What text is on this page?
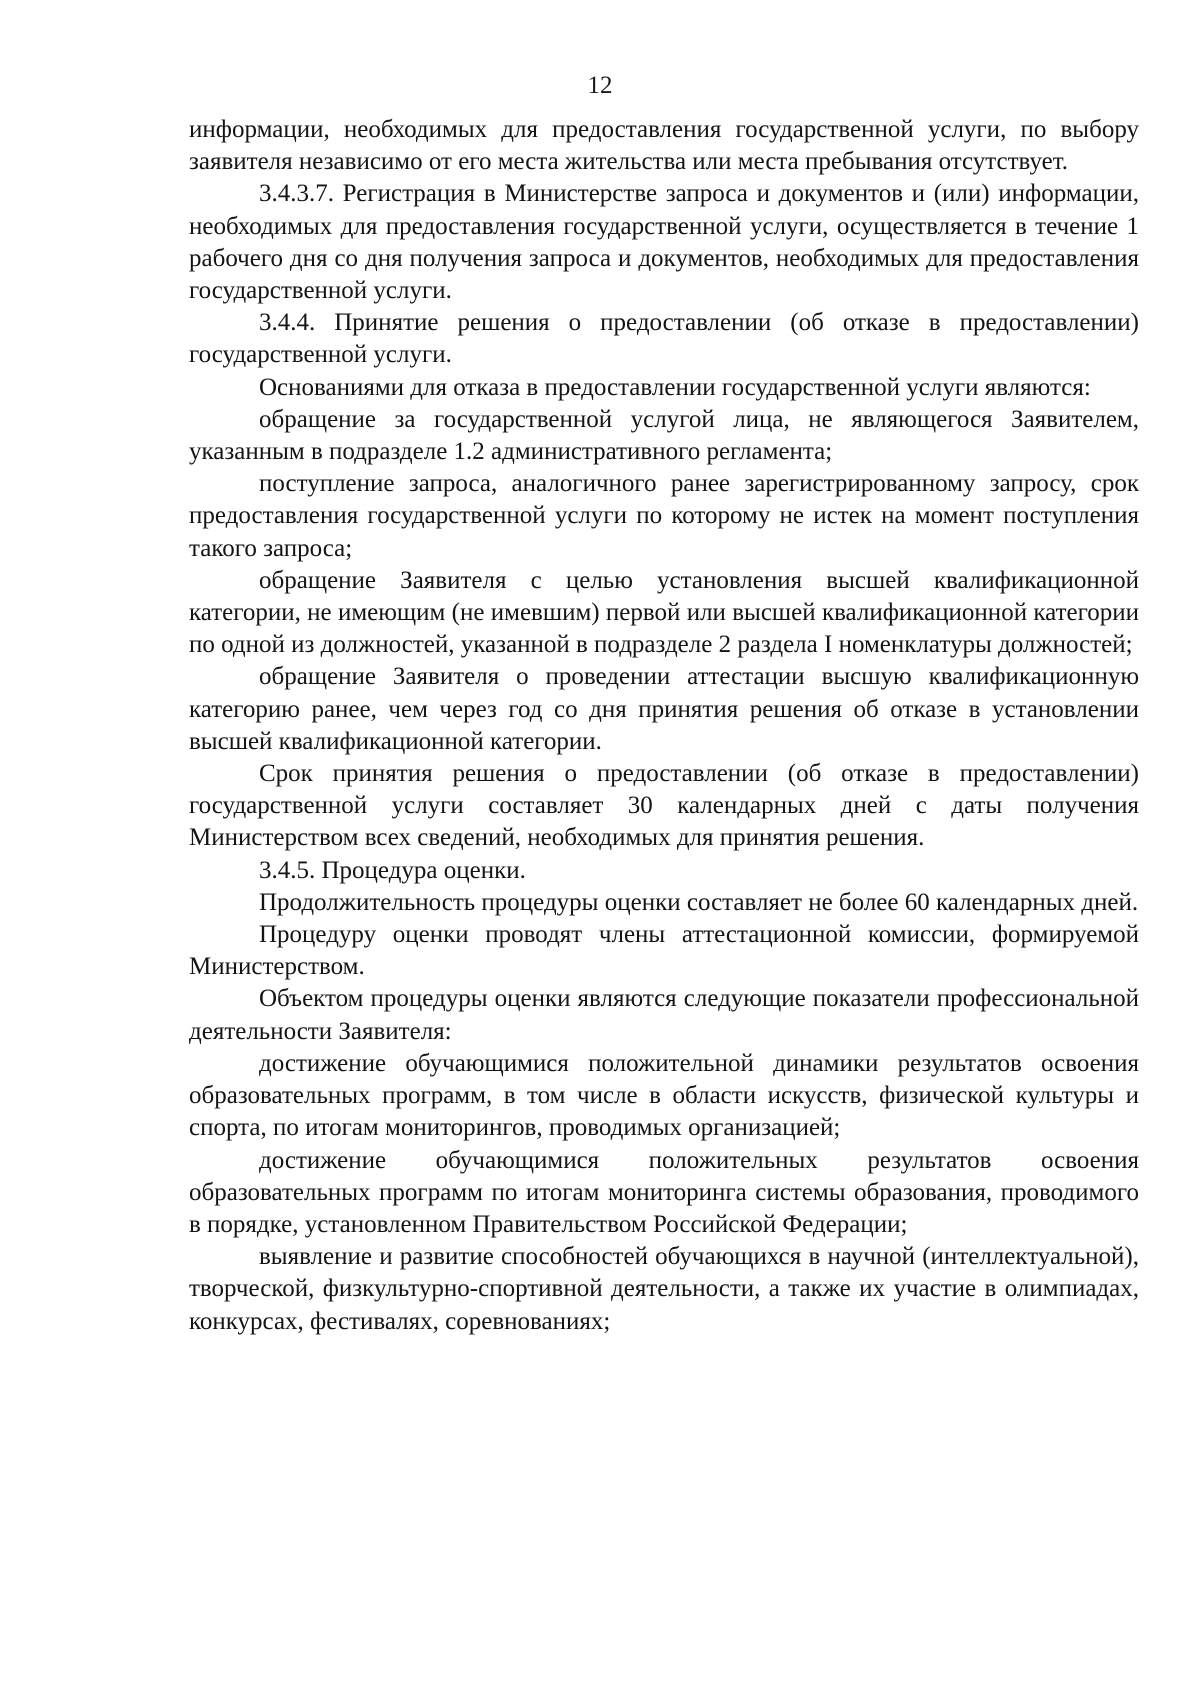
12

информации, необходимых для предоставления государственной услуги, по выбору заявителя независимо от его места жительства или места пребывания отсутствует.

3.4.3.7. Регистрация в Министерстве запроса и документов и (или) информации, необходимых для предоставления государственной услуги, осуществляется в течение 1 рабочего дня со дня получения запроса и документов, необходимых для предоставления государственной услуги.

3.4.4. Принятие решения о предоставлении (об отказе в предоставлении) государственной услуги.

Основаниями для отказа в предоставлении государственной услуги являются:

обращение за государственной услугой лица, не являющегося Заявителем, указанным в подразделе 1.2 административного регламента;

поступление запроса, аналогичного ранее зарегистрированному запросу, срок предоставления государственной услуги по которому не истек на момент поступления такого запроса;

обращение Заявителя с целью установления высшей квалификационной категории, не имеющим (не имевшим) первой или высшей квалификационной категории по одной из должностей, указанной в подразделе 2 раздела I номенклатуры должностей;

обращение Заявителя о проведении аттестации высшую квалификационную категорию ранее, чем через год со дня принятия решения об отказе в установлении высшей квалификационной категории.

Срок принятия решения о предоставлении (об отказе в предоставлении) государственной услуги составляет 30 календарных дней с даты получения Министерством всех сведений, необходимых для принятия решения.

3.4.5. Процедура оценки.

Продолжительность процедуры оценки составляет не более 60 календарных дней.

Процедуру оценки проводят члены аттестационной комиссии, формируемой Министерством.

Объектом процедуры оценки являются следующие показатели профессиональной деятельности Заявителя:

достижение обучающимися положительной динамики результатов освоения образовательных программ, в том числе в области искусств, физической культуры и спорта, по итогам мониторингов, проводимых организацией;

достижение обучающимися положительных результатов освоения образовательных программ по итогам мониторинга системы образования, проводимого в порядке, установленном Правительством Российской Федерации;

выявление и развитие способностей обучающихся в научной (интеллектуальной), творческой, физкультурно-спортивной деятельности, а также их участие в олимпиадах, конкурсах, фестивалях, соревнованиях;
